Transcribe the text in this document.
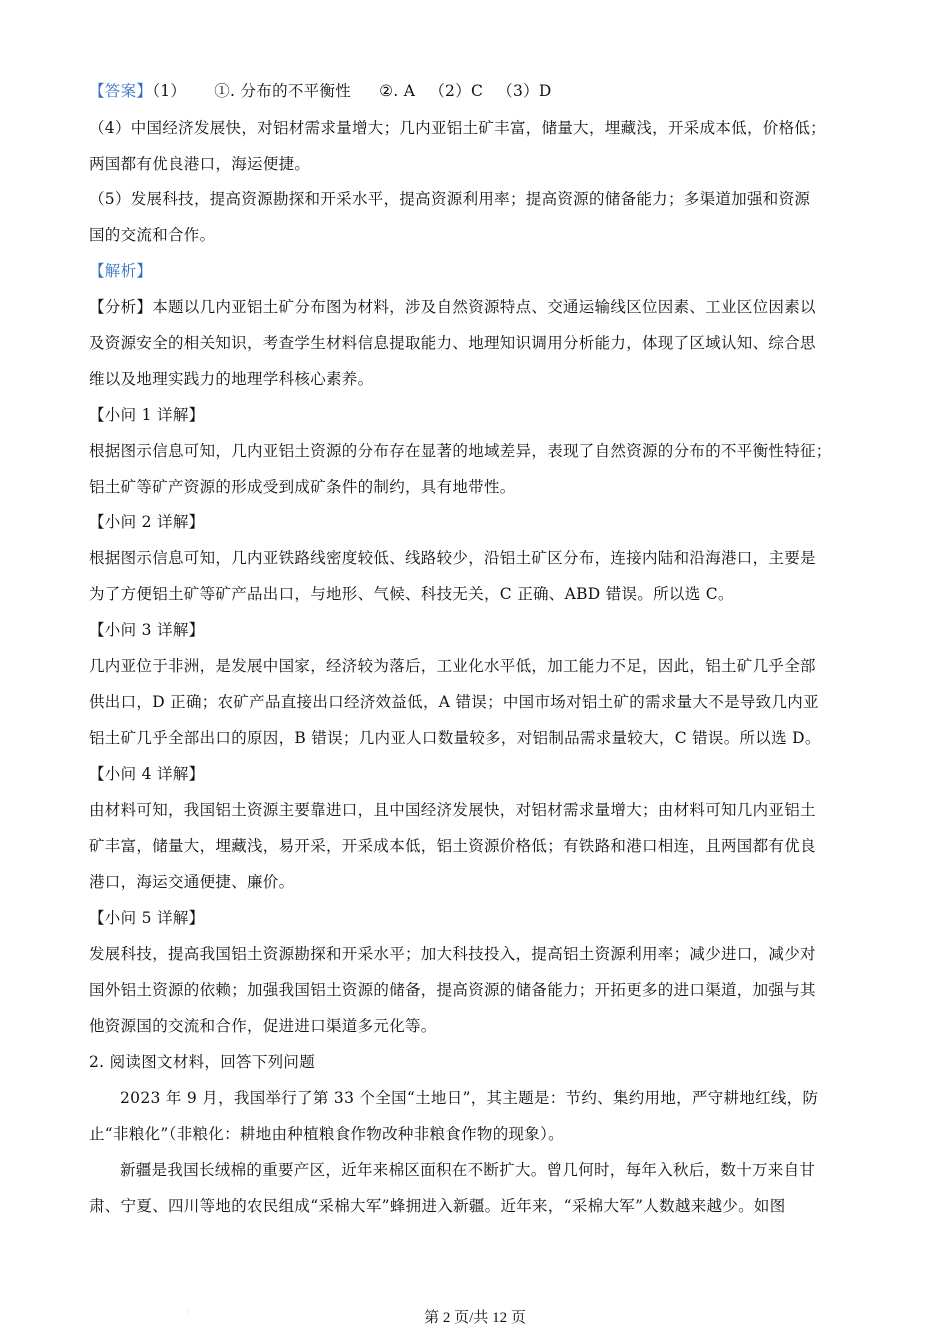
【答案】（1） ①. 分布的不平衡性 ②. A （2）C （3）D
（4）中国经济发展快，对铝材需求量增大；几内亚铝土矿丰富，储量大，埋藏浅，开采成本低，价格低；
两国都有优良港口，海运便捷。
（5）发展科技，提高资源勘探和开采水平，提高资源利用率；提高资源的储备能力；多渠道加强和资源
国的交流和合作。
【解析】
【分析】本题以几内亚铝土矿分布图为材料，涉及自然资源特点、交通运输线区位因素、工业区位因素以
及资源安全的相关知识，考查学生材料信息提取能力、地理知识调用分析能力，体现了区域认知、综合思
维以及地理实践力的地理学科核心素养。
【小问 1 详解】
根据图示信息可知，几内亚铝土资源的分布存在显著的地域差异，表现了自然资源的分布的不平衡性特征；
铝土矿等矿产资源的形成受到成矿条件的制约，具有地带性。
【小问 2 详解】
根据图示信息可知，几内亚铁路线密度较低、线路较少，沿铝土矿区分布，连接内陆和沿海港口，主要是
为了方便铝土矿等矿产品出口，与地形、气候、科技无关，C 正确、ABD 错误。所以选 C。
【小问 3 详解】
几内亚位于非洲，是发展中国家，经济较为落后，工业化水平低，加工能力不足，因此，铝土矿几乎全部
供出口，D 正确；农矿产品直接出口经济效益低，A 错误；中国市场对铝土矿的需求量大不是导致几内亚
铝土矿几乎全部出口的原因，B 错误；几内亚人口数量较多，对铝制品需求量较大，C 错误。所以选 D。
【小问 4 详解】
由材料可知，我国铝土资源主要靠进口，且中国经济发展快，对铝材需求量增大；由材料可知几内亚铝土
矿丰富，储量大，埋藏浅，易开采，开采成本低，铝土资源价格低；有铁路和港口相连，且两国都有优良
港口，海运交通便捷、廉价。
【小问 5 详解】
发展科技，提高我国铝土资源勘探和开采水平；加大科技投入，提高铝土资源利用率；减少进口，减少对
国外铝土资源的依赖；加强我国铝土资源的储备，提高资源的储备能力；开拓更多的进口渠道，加强与其
他资源国的交流和合作，促进进口渠道多元化等。
2. 阅读图文材料，回答下列问题
2023 年 9 月，我国举行了第 33 个全国“土地日”，其主题是：节约、集约用地，严守耕地红线，防
止“非粮化”（非粮化：耕地由种植粮食作物改种非粮食作物的现象）。
新疆是我国长绒棉的重要产区，近年来棉区面积在不断扩大。曾几何时，每年入秋后，数十万来自甘
肃、宁夏、四川等地的农民组成“采棉大军”蜂拥进入新疆。近年来，“采棉大军”人数越来越少。如图
·	第 2 页/共 12 页
